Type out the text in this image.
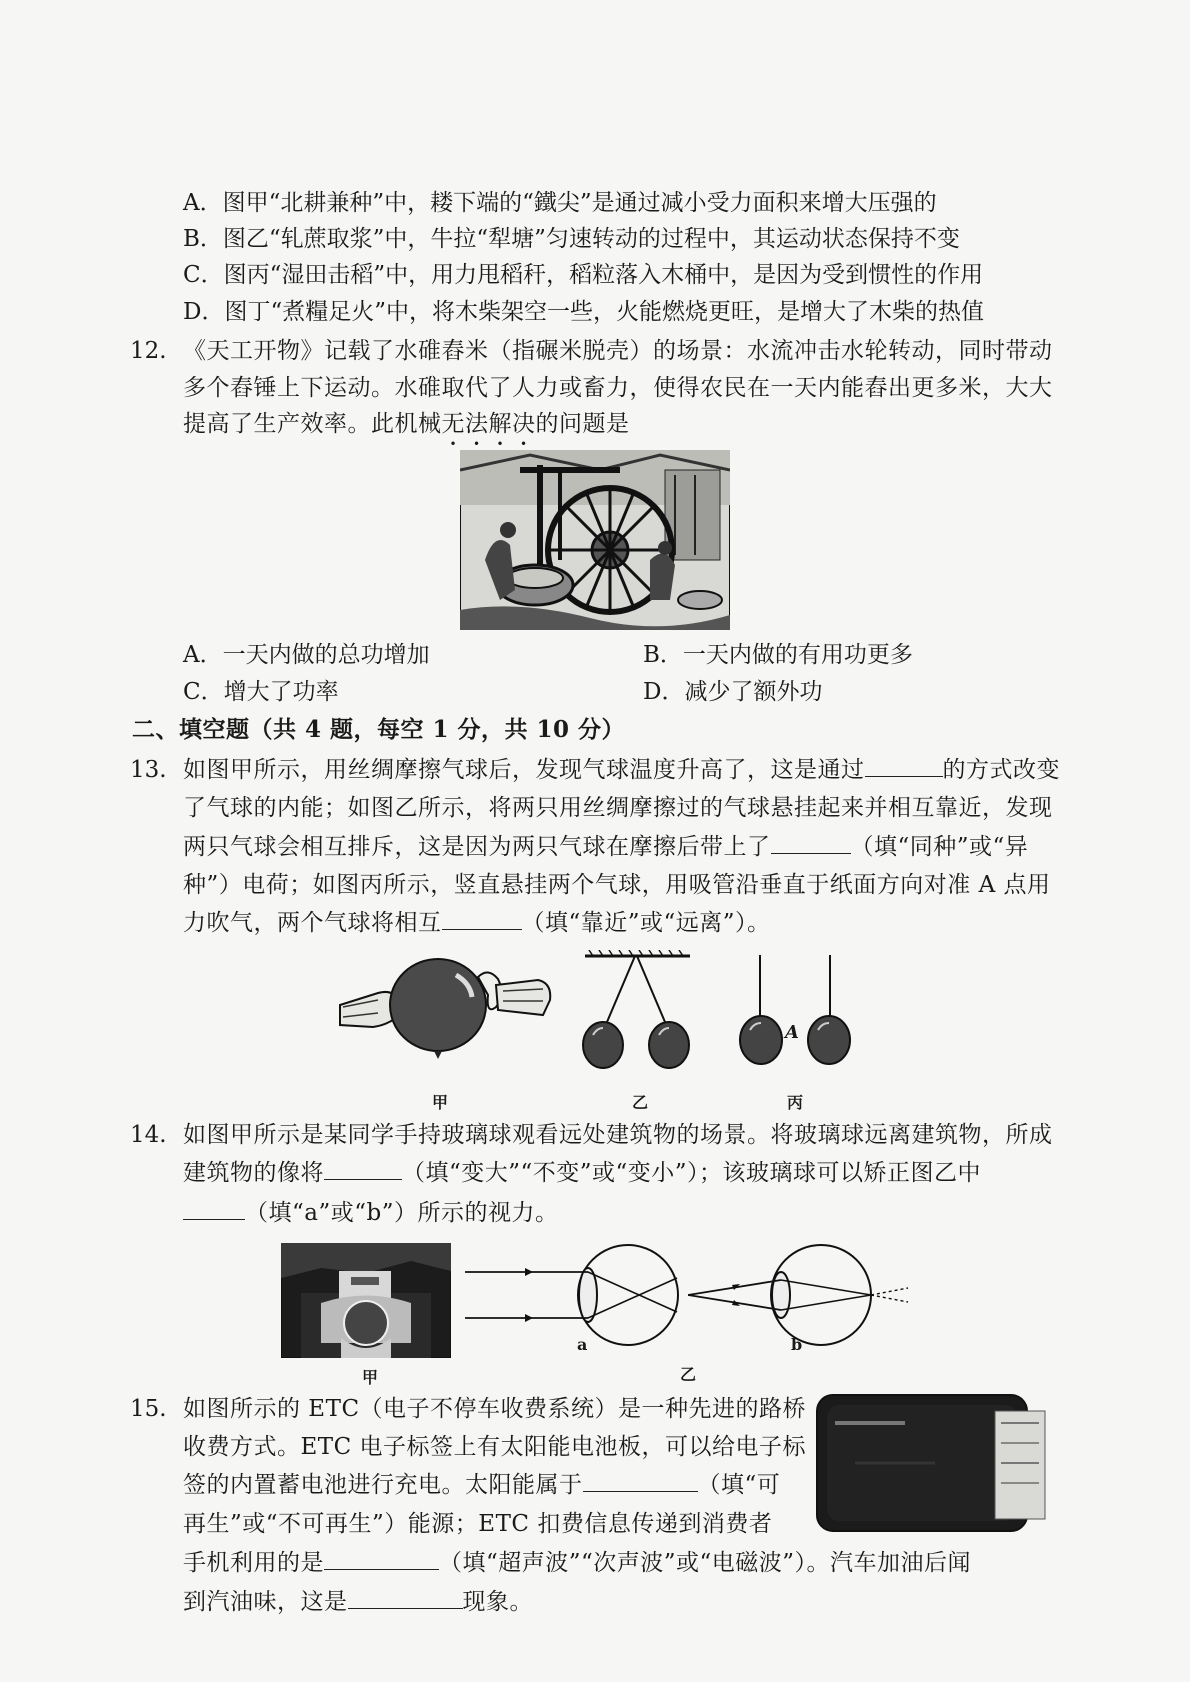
A．图甲“北耕兼种”中，耧下端的“鐵尖”是通过减小受力面积来增大压强的
B．图乙“轧蔗取浆”中，牛拉“犁塘”匀速转动的过程中，其运动状态保持不变
C．图丙“湿田击稻”中，用力甩稻秆，稻粒落入木桶中，是因为受到惯性的作用
D．图丁“煮糧足火”中，将木柴架空一些，火能燃烧更旺，是增大了木柴的热值
12. 《天工开物》记载了水碓舂米（指碾米脱壳）的场景：水流冲击水轮转动，同时带动
多个舂锤上下运动。水碓取代了人力或畜力，使得农民在一天内能舂出更多米，大大
提高了生产效率。此机械无法解决的问题是
A．一天内做的总功增加	B．一天内做的有用功更多
C．增大了功率	D．减少了额外功
二、填空题（共 4 题，每空 1 分，共 10 分）
13. 如图甲所示，用丝绸摩擦气球后，发现气球温度升高了，这是通过	的方式改变
了气球的内能；如图乙所示，将两只用丝绸摩擦过的气球悬挂起来并相互靠近，发现
两只气球会相互排斥，这是因为两只气球在摩擦后带上了	（填“同种”或“异
种”）电荷；如图丙所示，竖直悬挂两个气球，用吸管沿垂直于纸面方向对准 A 点用
力吹气，两个气球将相互	（填“靠近”或“远离”）。
A
甲	乙	丙
14. 如图甲所示是某同学手持玻璃球观看远处建筑物的场景。将玻璃球远离建筑物，所成
建筑物的像将	（填“变大”“不变”或“变小”）；该玻璃球可以矫正图乙中
（填“a”或“b”）所示的视力。
甲
a	b
乙
15. 如图所示的 ETC（电子不停车收费系统）是一种先进的路桥
收费方式。ETC 电子标签上有太阳能电池板，可以给电子标
签的内置蓄电池进行充电。太阳能属于	（填“可
再生”或“不可再生”）能源；ETC 扣费信息传递到消费者
手机利用的是	（填“超声波”“次声波”或“电磁波”）。汽车加油后闻
到汽油味，这是	现象。
